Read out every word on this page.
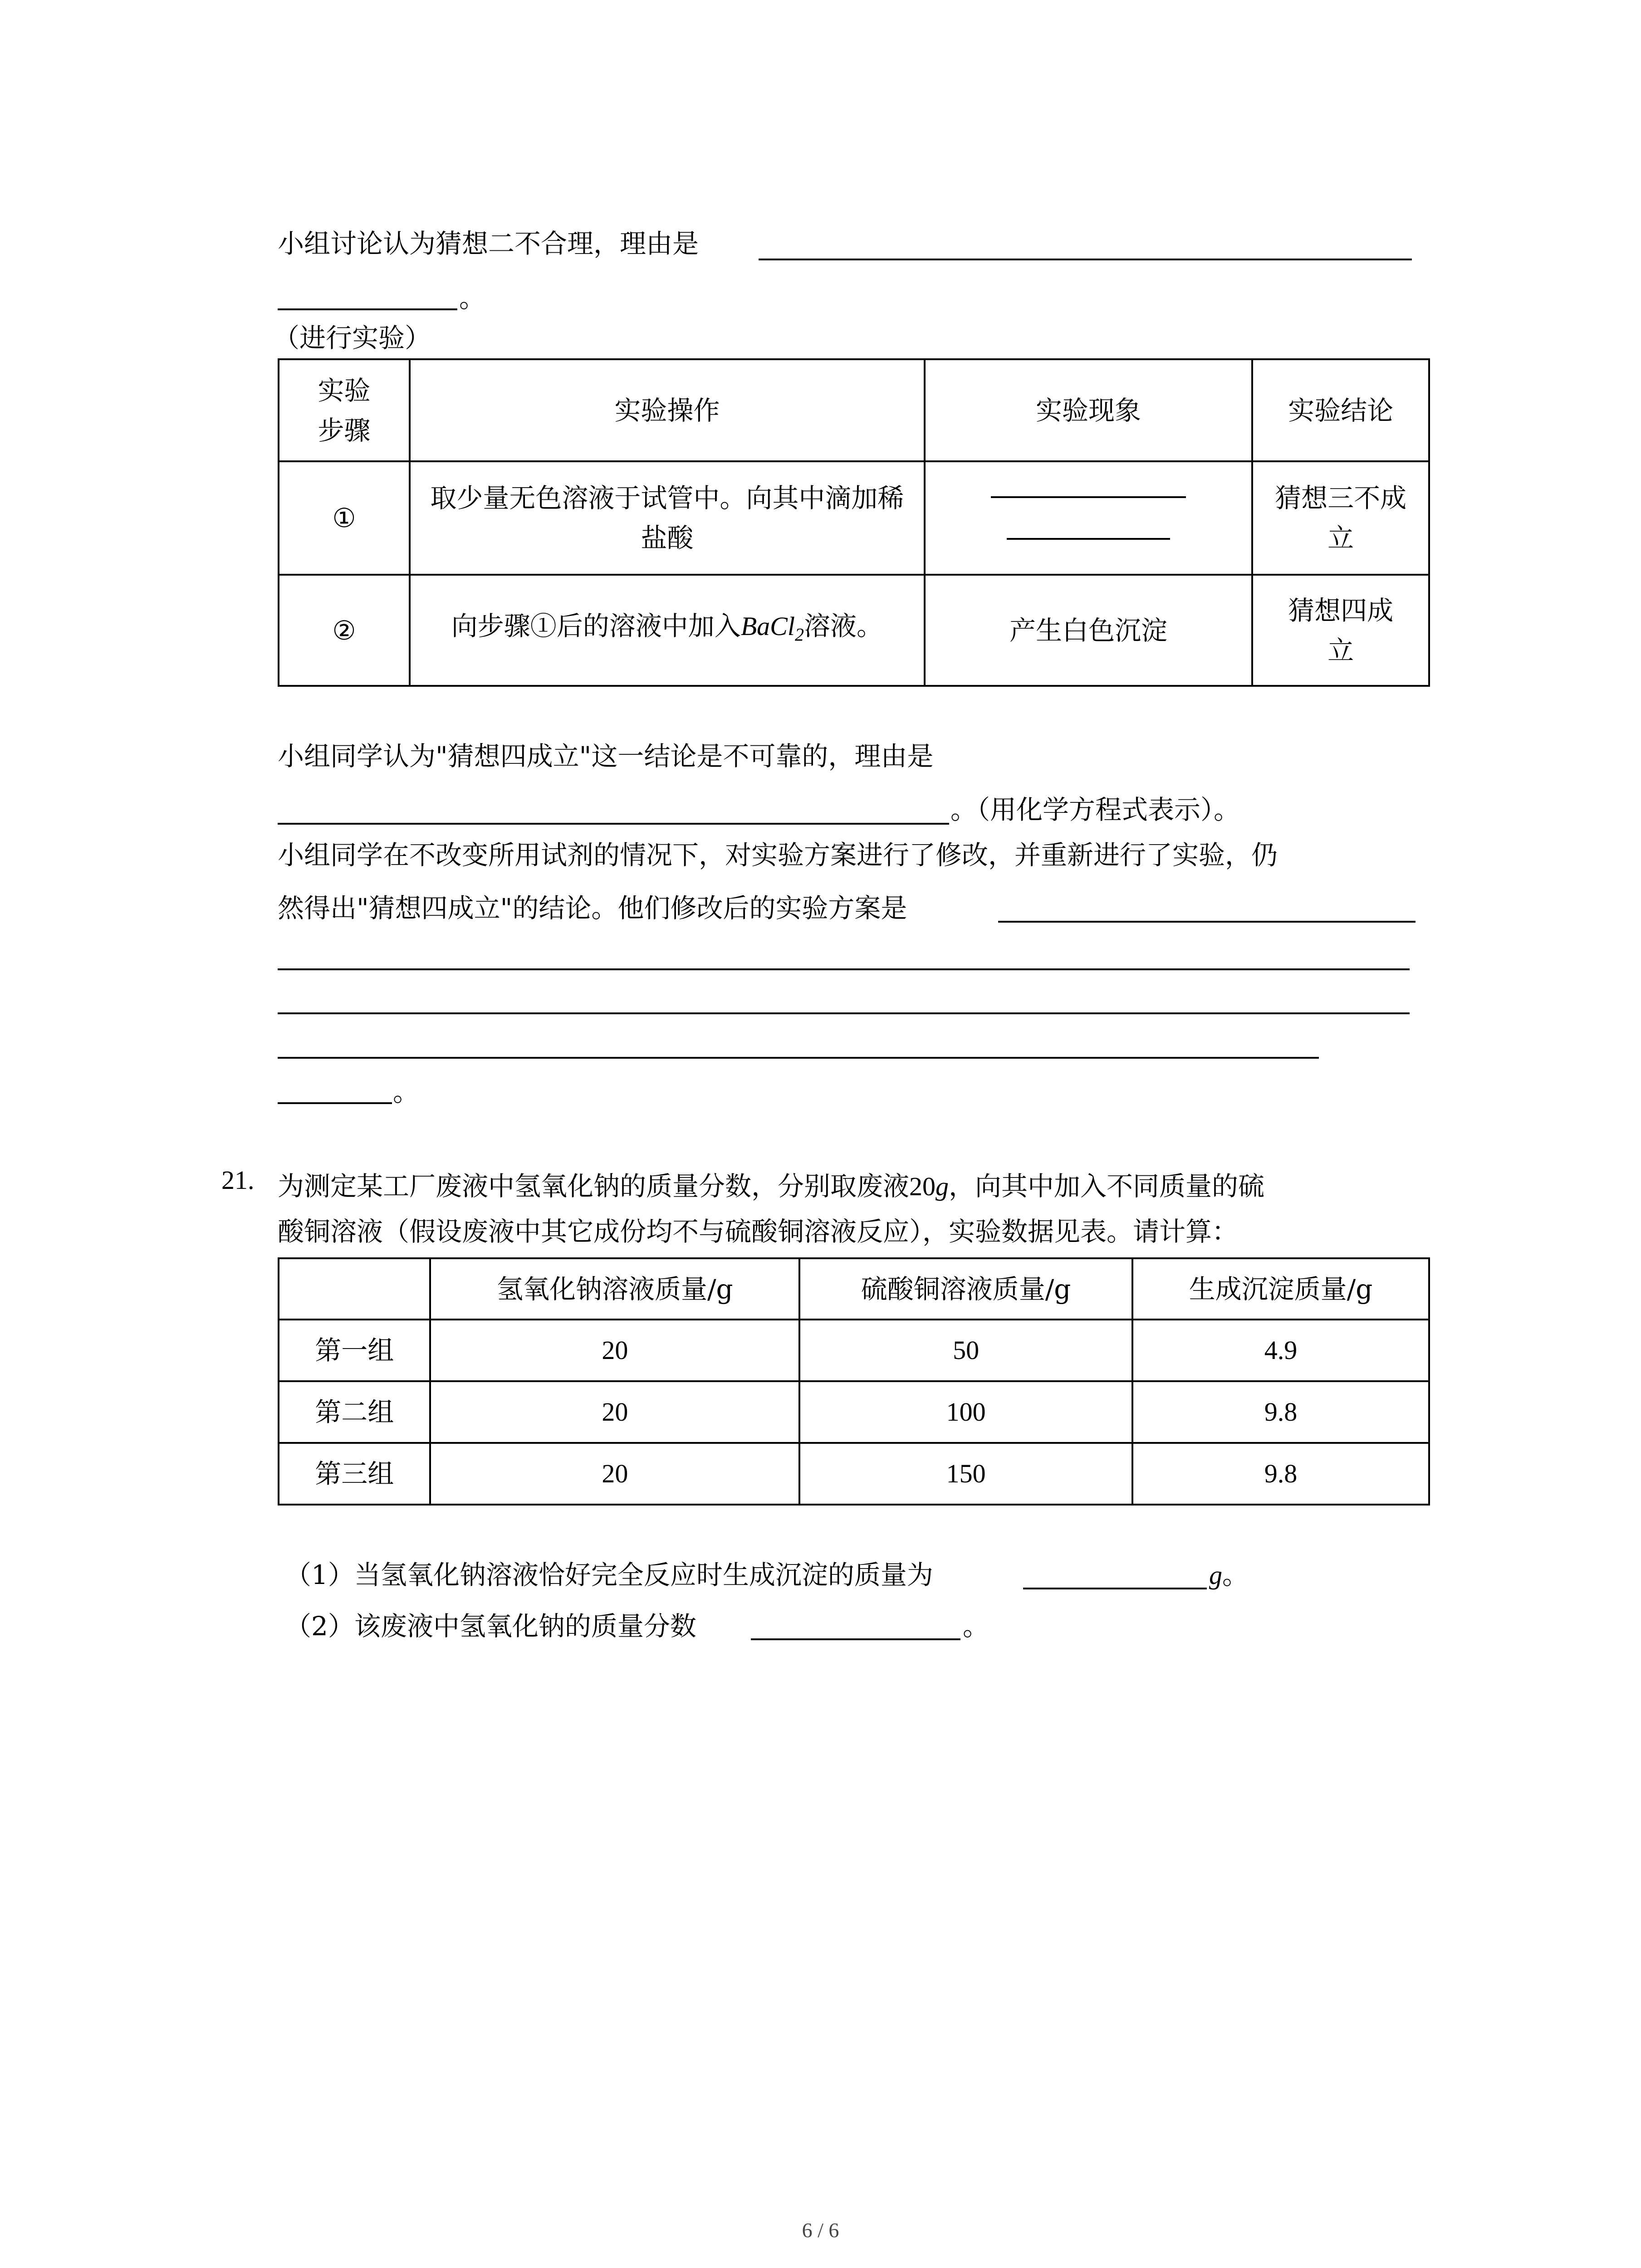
小组讨论认为猜想二不合理，理由是
。
（进行实验）
实验步骤	实验操作	实验现象	实验结论
①	取少量无色溶液于试管中。向其中滴加稀盐酸		猜想三不成立
②	向步骤①后的溶液中加入BaCl$_2$溶液。	产生白色沉淀	猜想四成立
小组同学认为"猜想四成立"这一结论是不可靠的，理由是
。（用化学方程式表示）。
小组同学在不改变所用试剂的情况下，对实验方案进行了修改，并重新进行了实验，仍
然得出"猜想四成立"的结论。他们修改后的实验方案是
。
21. 为测定某工厂废液中氢氧化钠的质量分数，分别取废液20g，向其中加入不同质量的硫
酸铜溶液（假设废液中其它成份均不与硫酸铜溶液反应），实验数据见表。请计算：
	氢氧化钠溶液质量/g	硫酸铜溶液质量/g	生成沉淀质量/g
第一组	20	50	4.9
第二组	20	100	9.8
第三组	20	150	9.8
（1）当氢氧化钠溶液恰好完全反应时生成沉淀的质量为	g。
（2）该废液中氢氧化钠的质量分数	。
6 / 6
